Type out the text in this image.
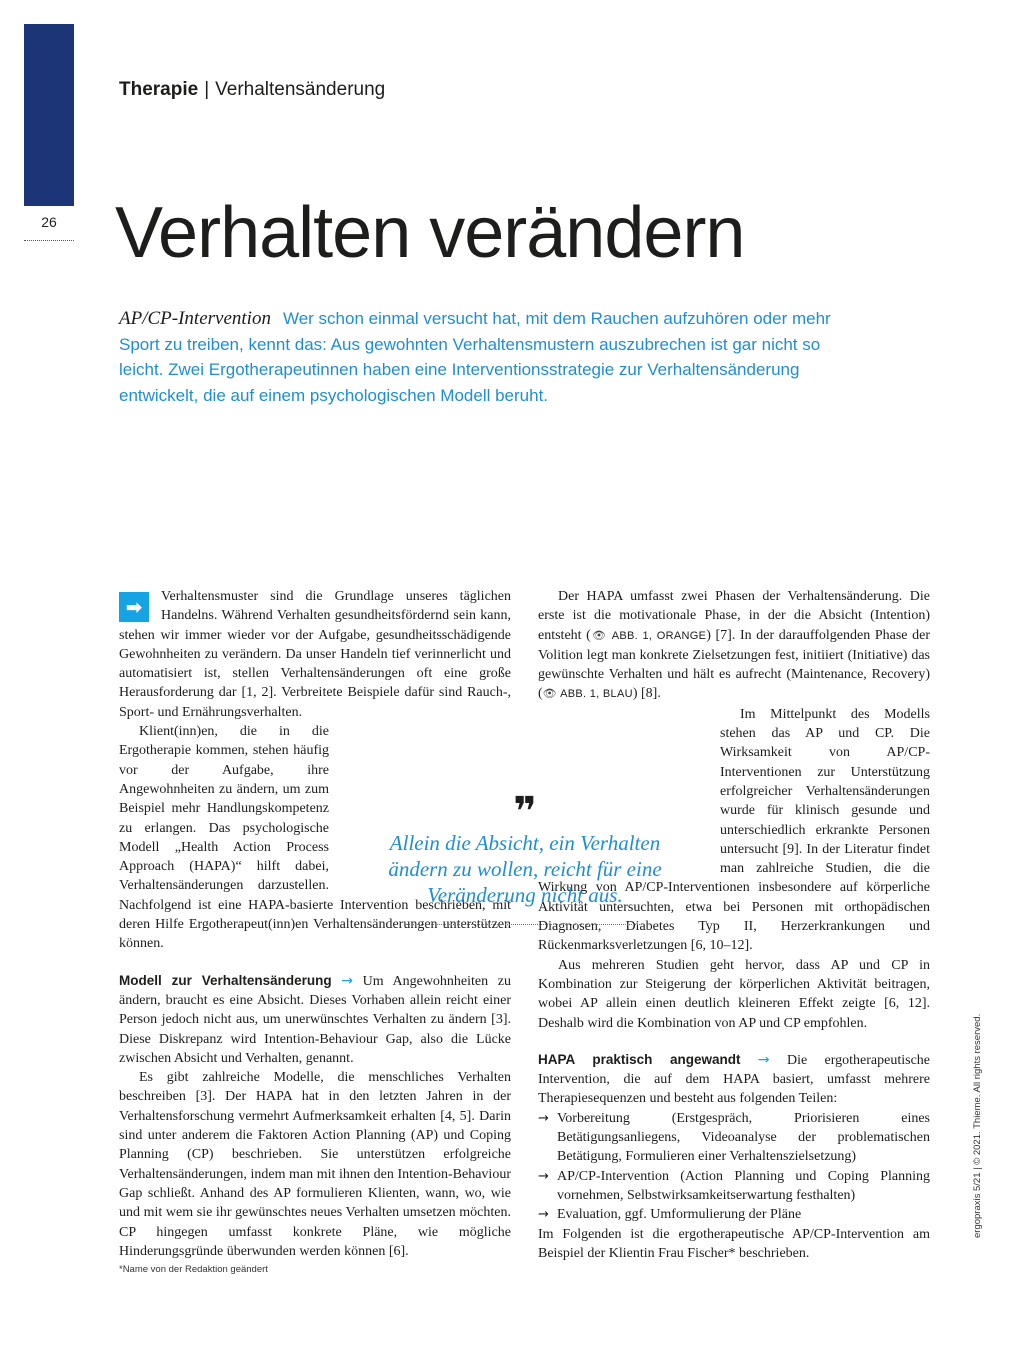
26
Therapie | Verhaltensänderung
Verhalten verändern
AP/CP-Intervention Wer schon einmal versucht hat, mit dem Rauchen aufzuhören oder mehr Sport zu treiben, kennt das: Aus gewohnten Verhaltensmustern auszubrechen ist gar nicht so leicht. Zwei Ergotherapeutinnen haben eine Interventionsstrategie zur Verhaltensänderung entwickelt, die auf einem psychologischen Modell beruht.
➡	Verhaltensmuster sind die Grundlage unseres täglichen Handelns. Während Verhalten gesundheitsfördernd sein kann, stehen wir immer wieder vor der Aufgabe, gesundheitsschädigende Gewohnheiten zu verändern. Da unser Handeln tief verinnerlicht und automatisiert ist, stellen Verhaltensänderungen oft eine große Herausforderung dar [1, 2]. Verbreitete Beispiele dafür sind Rauch-, Sport- und Ernährungsverhalten.

Klient(inn)en, die in die Ergotherapie kommen, stehen häufig vor der Aufgabe, ihre Angewohnheiten zu ändern, um zum Beispiel mehr Handlungskompetenz zu erlangen. Das psychologische Modell „Health Action Process Approach (HAPA)“ hilft dabei, Verhaltensänderungen darzustellen. Nachfolgend ist eine HAPA-basierte Intervention beschrieben, mit deren Hilfe Ergotherapeut(inn)en Verhaltensänderungen unterstützen können.

Modell zur Verhaltensänderung → Um Angewohnheiten zu ändern, braucht es eine Absicht. Dieses Vorhaben allein reicht einer Person jedoch nicht aus, um unerwünschtes Verhalten zu ändern [3]. Diese Diskrepanz wird Intention-Behaviour Gap, also die Lücke zwischen Absicht und Verhalten, genannt.

Es gibt zahlreiche Modelle, die menschliches Verhalten beschreiben [3]. Der HAPA hat in den letzten Jahren in der Verhaltensforschung vermehrt Aufmerksamkeit erhalten [4, 5]. Darin sind unter anderem die Faktoren Action Planning (AP) und Coping Planning (CP) beschrieben. Sie unterstützen erfolgreiche Verhaltensänderungen, indem man mit ihnen den Intention-Behaviour Gap schließt. Anhand des AP formulieren Klienten, wann, wo, wie und mit wem sie ihr gewünschtes neues Verhalten umsetzen möchten. CP hingegen umfasst konkrete Pläne, wie mögliche Hinderungsgründe überwunden werden können [6].

Der HAPA umfasst zwei Phasen der Verhaltensänderung. Die erste ist die motivationale Phase, in der die Absicht (Intention) entsteht (👁 ABB. 1, ORANGE) [7]. In der darauffolgenden Phase der Volition legt man konkrete Zielsetzungen fest, initiiert (Initiative) das gewünschte Verhalten und hält es aufrecht (Maintenance, Recovery) (👁 ABB. 1, BLAU) [8].

Im Mittelpunkt des Modells stehen das AP und CP. Die Wirksamkeit von AP/CP-Interventionen zur Unterstützung erfolgreicher Verhaltensänderungen wurde für klinisch gesunde und unterschiedlich erkrankte Personen untersucht [9]. In der Literatur findet man zahlreiche Studien, die die Wirkung von AP/CP-Interventionen insbesondere auf körperliche Aktivität untersuchten, etwa bei Personen mit orthopädischen Diagnosen, Diabetes Typ II, Herzerkrankungen und Rückenmarksverletzungen [6, 10–12].

Aus mehreren Studien geht hervor, dass AP und CP in Kombination zur Steigerung der körperlichen Aktivität beitragen, wobei AP allein einen deutlich kleineren Effekt zeigte [6, 12]. Deshalb wird die Kombination von AP und CP empfohlen.

HAPA praktisch angewandt → Die ergotherapeutische Intervention, die auf dem HAPA basiert, umfasst mehrere Therapiesequenzen und besteht aus folgenden Teilen:

→ Vorbereitung (Erstgespräch, Priorisieren eines Betätigungsanliegens, Videoanalyse der problematischen Betätigung, Formulieren einer Verhaltenszielsetzung)
→ AP/CP-Intervention (Action Planning und Coping Planning vornehmen, Selbstwirksamkeitserwartung festhalten)
→ Evaluation, ggf. Umformulierung der Pläne

Im Folgenden ist die ergotherapeutische AP/CP-Intervention am Beispiel der Klientin Frau Fischer* beschrieben.

❞
Allein die Absicht, ein Verhalten ändern zu wollen, reicht für eine Veränderung nicht aus.
*Name von der Redaktion geändert
ergopraxis 5/21 | © 2021. Thieme. All rights reserved.
